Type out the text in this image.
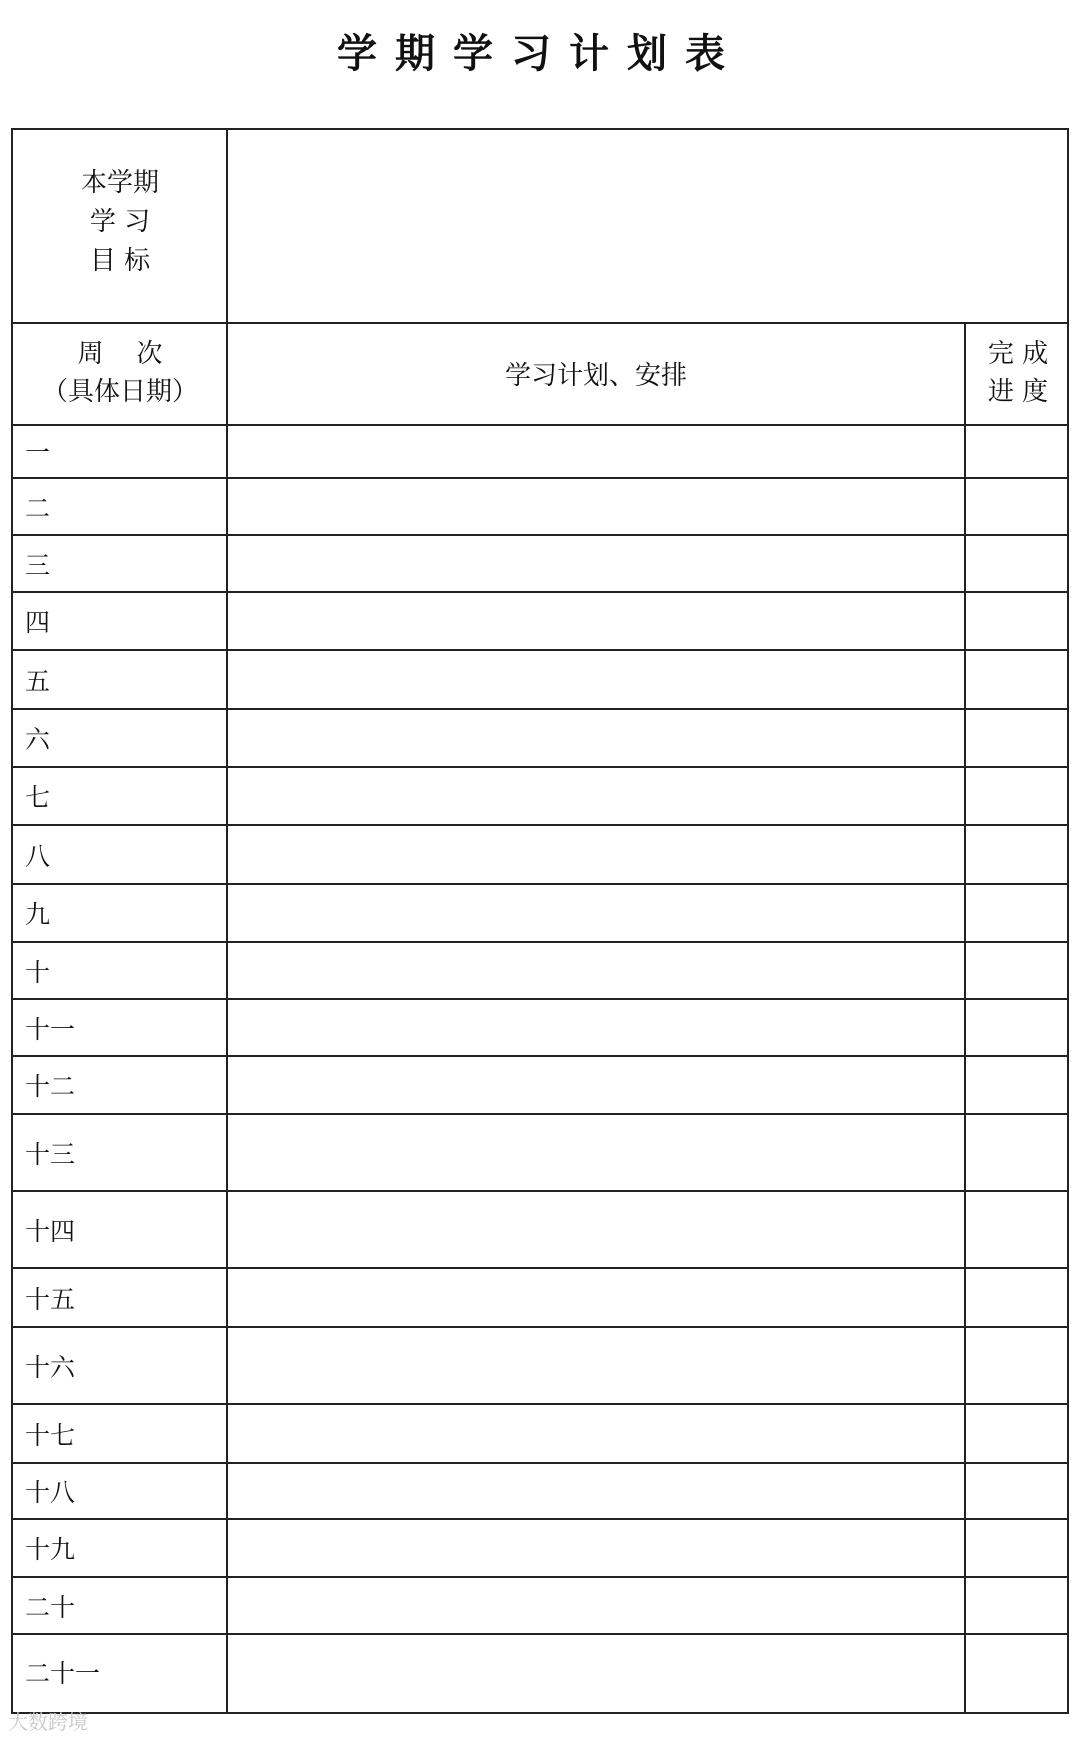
学期学习计划表
本学期
学 习
目 标
周    次
（具体日期）
学习计划、安排
完 成
进 度
一
二
三
四
五
六
七
八
九
十
十一
十二
十三
十四
十五
十六
十七
十八
十九
二十
二十一
大数跨境
